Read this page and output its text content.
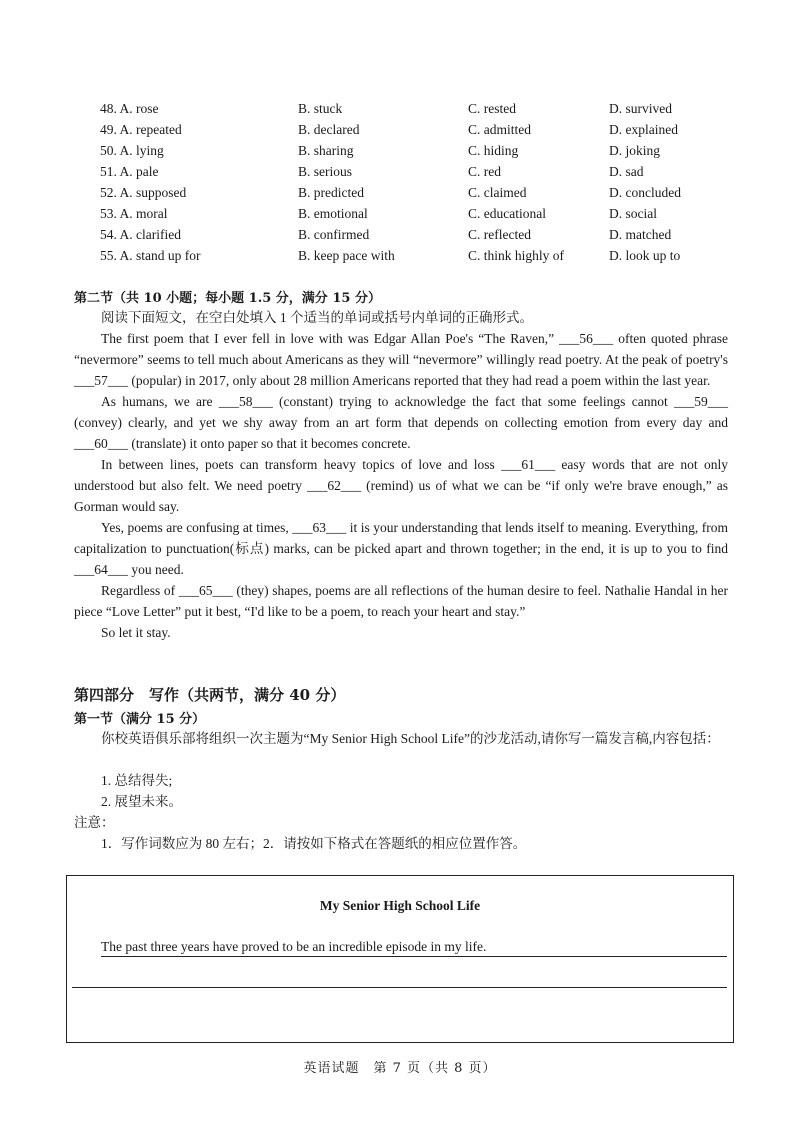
48. A. rose	B. stuck	C. rested	D. survived
49. A. repeated	B. declared	C. admitted	D. explained
50. A. lying	B. sharing	C. hiding	D. joking
51. A. pale	B. serious	C. red	D. sad
52. A. supposed	B. predicted	C. claimed	D. concluded
53. A. moral	B. emotional	C. educational	D. social
54. A. clarified	B. confirmed	C. reflected	D. matched
55. A. stand up for	B. keep pace with	C. think highly of	D. look up to
第二节（共 10 小题；每小题 1.5 分，满分 15 分）

阅读下面短文，在空白处填入 1 个适当的单词或括号内单词的正确形式。

The first poem that I ever fell in love with was Edgar Allan Poe's “The Raven,” ___56___ often quoted phrase “nevermore” seems to tell much about Americans as they will “nevermore” willingly read poetry. At the peak of poetry's ___57___ (popular) in 2017, only about 28 million Americans reported that they had read a poem within the last year.

As humans, we are ___58___ (constant) trying to acknowledge the fact that some feelings cannot ___59___ (convey) clearly, and yet we shy away from an art form that depends on collecting emotion from every day and ___60___ (translate) it onto paper so that it becomes concrete.

In between lines, poets can transform heavy topics of love and loss ___61___ easy words that are not only understood but also felt. We need poetry ___62___ (remind) us of what we can be “if only we're brave enough,” as Gorman would say.

Yes, poems are confusing at times, ___63___ it is your understanding that lends itself to meaning. Everything, from capitalization to punctuation(标点) marks, can be picked apart and thrown together; in the end, it is up to you to find ___64___ you need.

Regardless of ___65___ (they) shapes, poems are all reflections of the human desire to feel. Nathalie Handal in her piece “Love Letter” put it best, “I'd like to be a poem, to reach your heart and stay.”

So let it stay.

第四部分　写作（共两节，满分 40 分）
第一节（满分 15 分）
你校英语俱乐部将组织一次主题为“My Senior High School Life”的沙龙活动,请你写一篇发言稿,内容包括：
1. 总结得失;
2. 展望未来。
注意：
1．写作词数应为 80 左右；2．请按如下格式在答题纸的相应位置作答。
My Senior High School Life
The past three years have proved to be an incredible episode in my life.
英语试题　第 7 页（共 8 页）
